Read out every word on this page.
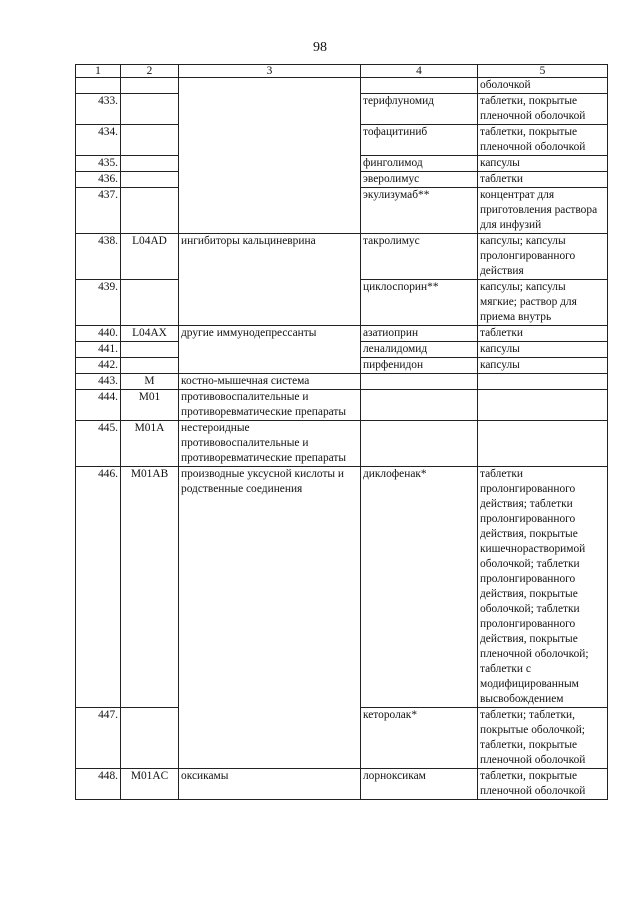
98
1	2	3	4	5
				оболочкой
433.			терифлуномид	таблетки, покрытые пленочной оболочкой
434.			тофацитиниб	таблетки, покрытые пленочной оболочкой
435.			финголимод	капсулы
436.			эверолимус	таблетки
437.			экулизумаб**	концентрат для приготовления раствора для инфузий
438.	L04AD	ингибиторы кальциневрина	такролимус	капсулы; капсулы пролонгированного действия
439.			циклоспорин**	капсулы; капсулы мягкие; раствор для приема внутрь
440.	L04AX	другие иммунодепрессанты	азатиоприн	таблетки
441.			леналидомид	капсулы
442.			пирфенидон	капсулы
443.	M	костно-мышечная система		
444.	M01	противовоспалительные и противоревматические препараты		
445.	M01A	нестероидные противовоспалительные и противоревматические препараты		
446.	M01AB	производные уксусной кислоты и родственные соединения	диклофенак*	таблетки пролонгированного действия; таблетки пролонгированного действия, покрытые кишечнорастворимой оболочкой; таблетки пролонгированного действия, покрытые оболочкой; таблетки пролонгированного действия, покрытые пленочной оболочкой; таблетки с модифицированным высвобождением
447.			кеторолак*	таблетки; таблетки, покрытые оболочкой; таблетки, покрытые пленочной оболочкой
448.	M01AC	оксикамы	лорноксикам	таблетки, покрытые пленочной оболочкой
